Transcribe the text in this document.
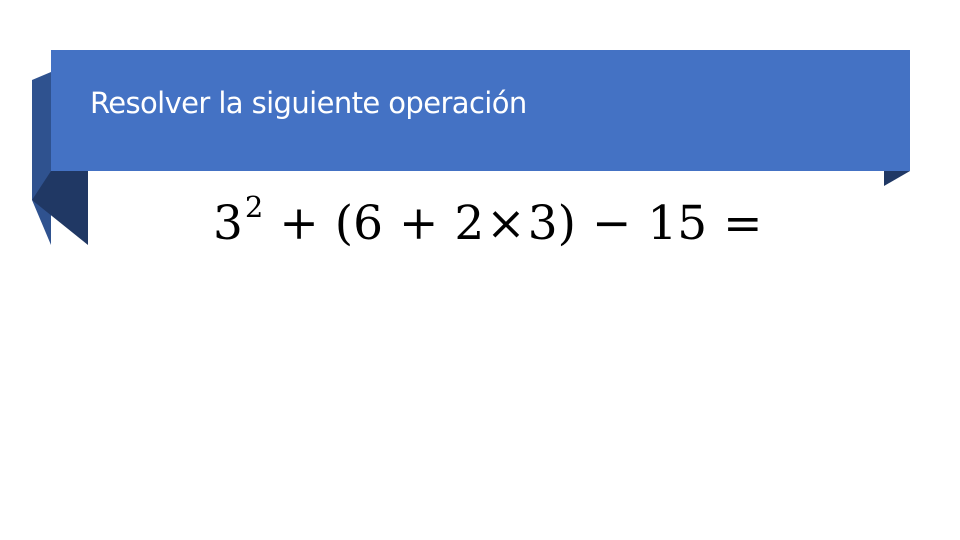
Resolver la siguiente operación
3 2 + ( 6 + 2 × 3 ) − 15 =
